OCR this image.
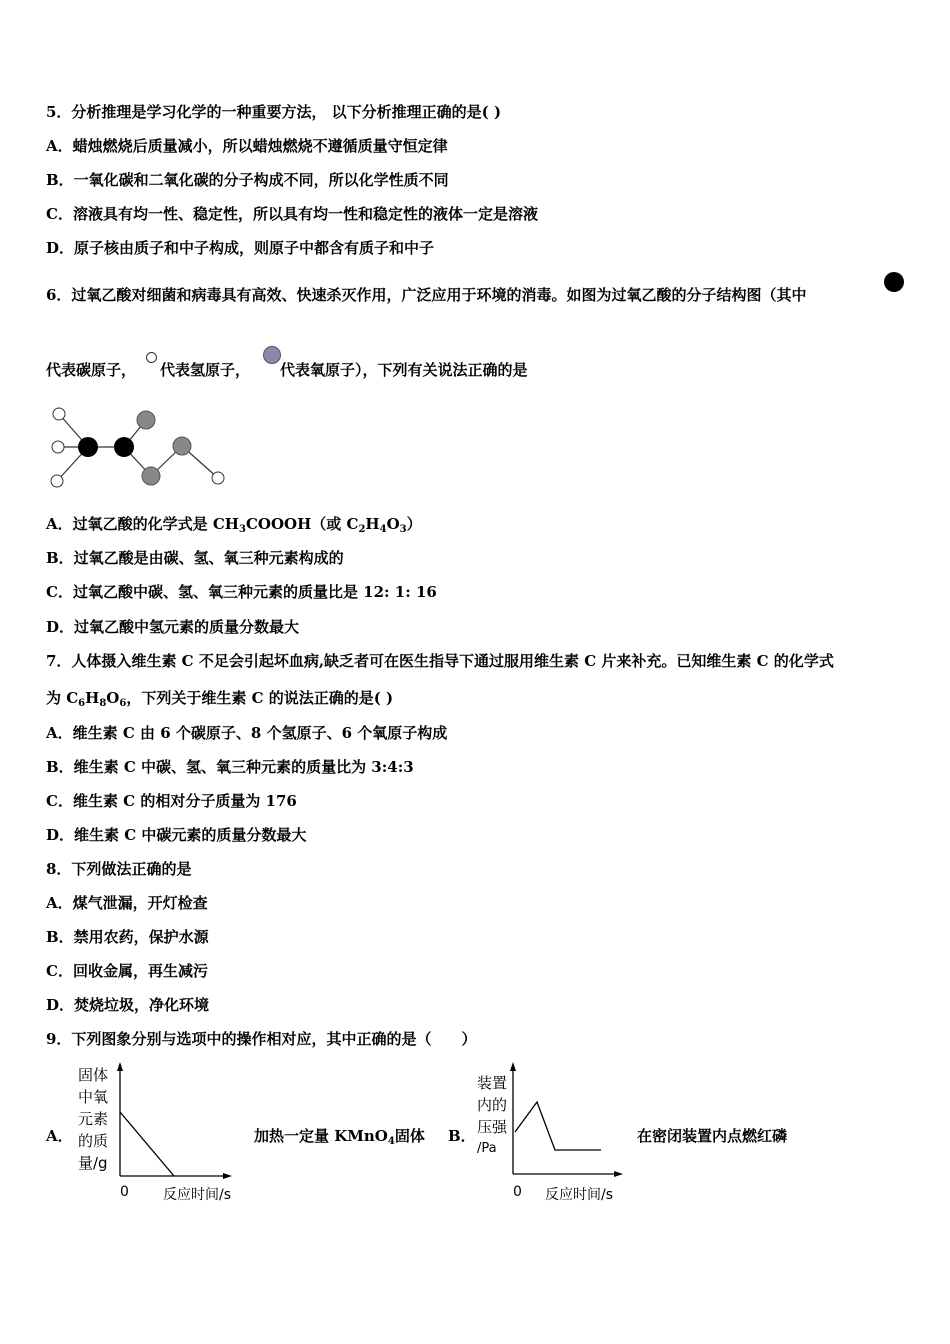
5．分析推理是学习化学的一种重要方法， 以下分析推理正确的是( )
A．蜡烛燃烧后质量减小，所以蜡烛燃烧不遵循质量守恒定律
B．一氧化碳和二氧化碳的分子构成不同，所以化学性质不同
C．溶液具有均一性、稳定性，所以具有均一性和稳定性的液体一定是溶液
D．原子核由质子和中子构成，则原子中都含有质子和中子
6．过氧乙酸对细菌和病毒具有高效、快速杀灭作用，广泛应用于环境的消毒。如图为过氧乙酸的分子结构图（其中
代表碳原子， 代表氢原子， 代表氧原子），下列有关说法正确的是
A．过氧乙酸的化学式是 $CH_3COOOH$（或 $C_2H_4O_3$）
B．过氧乙酸是由碳、氢、氧三种元素构成的
C．过氧乙酸中碳、氢、氧三种元素的质量比是 12: 1: 16
D．过氧乙酸中氢元素的质量分数最大
7．人体摄入维生素 C 不足会引起坏血病,缺乏者可在医生指导下通过服用维生素 C 片来补充。已知维生素 C 的化学式
为 $C_6H_8O_6$，下列关于维生素 C 的说法正确的是( )
A．维生素 C 由 6 个碳原子、8 个氢原子、6 个氧原子构成
B．维生素 C 中碳、氢、氧三种元素的质量比为 3:4:3
C．维生素 C 的相对分子质量为 176
D．维生素 C 中碳元素的质量分数最大
8．下列做法正确的是
A．煤气泄漏，开灯检查
B．禁用农药，保护水源
C．回收金属，再生减污
D．焚烧垃圾，净化环境
9．下列图象分别与选项中的操作相对应，其中正确的是（　　）
A．
固体
中氧
元素
的质
量/g
0 反应时间/s
加热一定量 KMnO$_4$固体 B．
装置
内的
压强
/Pa
0 反应时间/s
在密闭装置内点燃红磷
